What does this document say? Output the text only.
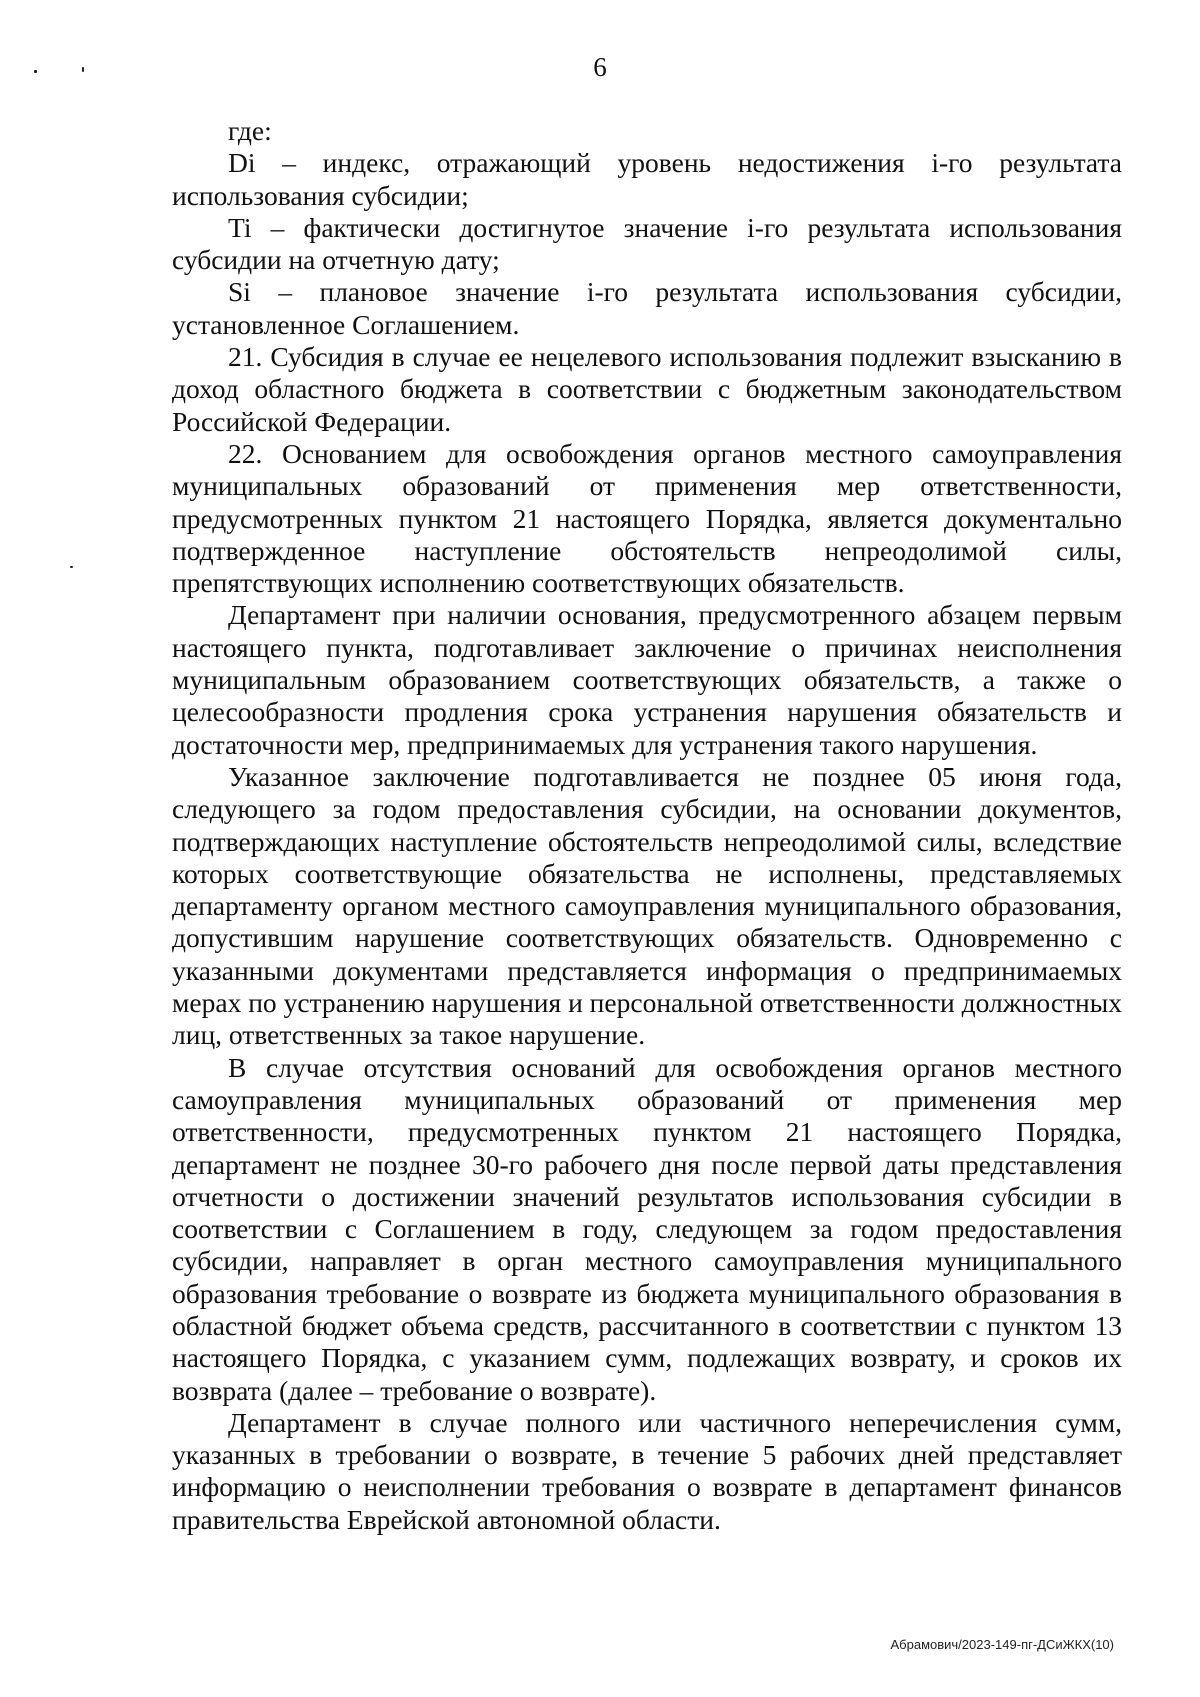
6

где:

Di – индекс, отражающий уровень недостижения i-го результата использования субсидии;

Ti – фактически достигнутое значение i-го результата использования субсидии на отчетную дату;

Si – плановое значение i-го результата использования субсидии, установленное Соглашением.

21. Субсидия в случае ее нецелевого использования подлежит взысканию в доход областного бюджета в соответствии с бюджетным законодательством Российской Федерации.

22. Основанием для освобождения органов местного самоуправления муниципальных образований от применения мер ответственности, предусмотренных пунктом 21 настоящего Порядка, является документально подтвержденное наступление обстоятельств непреодолимой силы, препятствующих исполнению соответствующих обязательств.

Департамент при наличии основания, предусмотренного абзацем первым настоящего пункта, подготавливает заключение о причинах неисполнения муниципальным образованием соответствующих обязательств, а также о целесообразности продления срока устранения нарушения обязательств и достаточности мер, предпринимаемых для устранения такого нарушения.

Указанное заключение подготавливается не позднее 05 июня года, следующего за годом предоставления субсидии, на основании документов, подтверждающих наступление обстоятельств непреодолимой силы, вследствие которых соответствующие обязательства не исполнены, представляемых департаменту органом местного самоуправления муниципального образования, допустившим нарушение соответствующих обязательств. Одновременно с указанными документами представляется информация о предпринимаемых мерах по устранению нарушения и персональной ответственности должностных лиц, ответственных за такое нарушение.

В случае отсутствия оснований для освобождения органов местного самоуправления муниципальных образований от применения мер ответственности, предусмотренных пунктом 21 настоящего Порядка, департамент не позднее 30-го рабочего дня после первой даты представления отчетности о достижении значений результатов использования субсидии в соответствии с Соглашением в году, следующем за годом предоставления субсидии, направляет в орган местного самоуправления муниципального образования требование о возврате из бюджета муниципального образования в областной бюджет объема средств, рассчитанного в соответствии с пунктом 13 настоящего Порядка, с указанием сумм, подлежащих возврату, и сроков их возврата (далее – требование о возврате).

Департамент в случае полного или частичного неперечисления сумм, указанных в требовании о возврате, в течение 5 рабочих дней представляет информацию о неисполнении требования о возврате в департамент финансов правительства Еврейской автономной области.

Абрамович/2023-149-пг-ДСиЖКХ(10)
